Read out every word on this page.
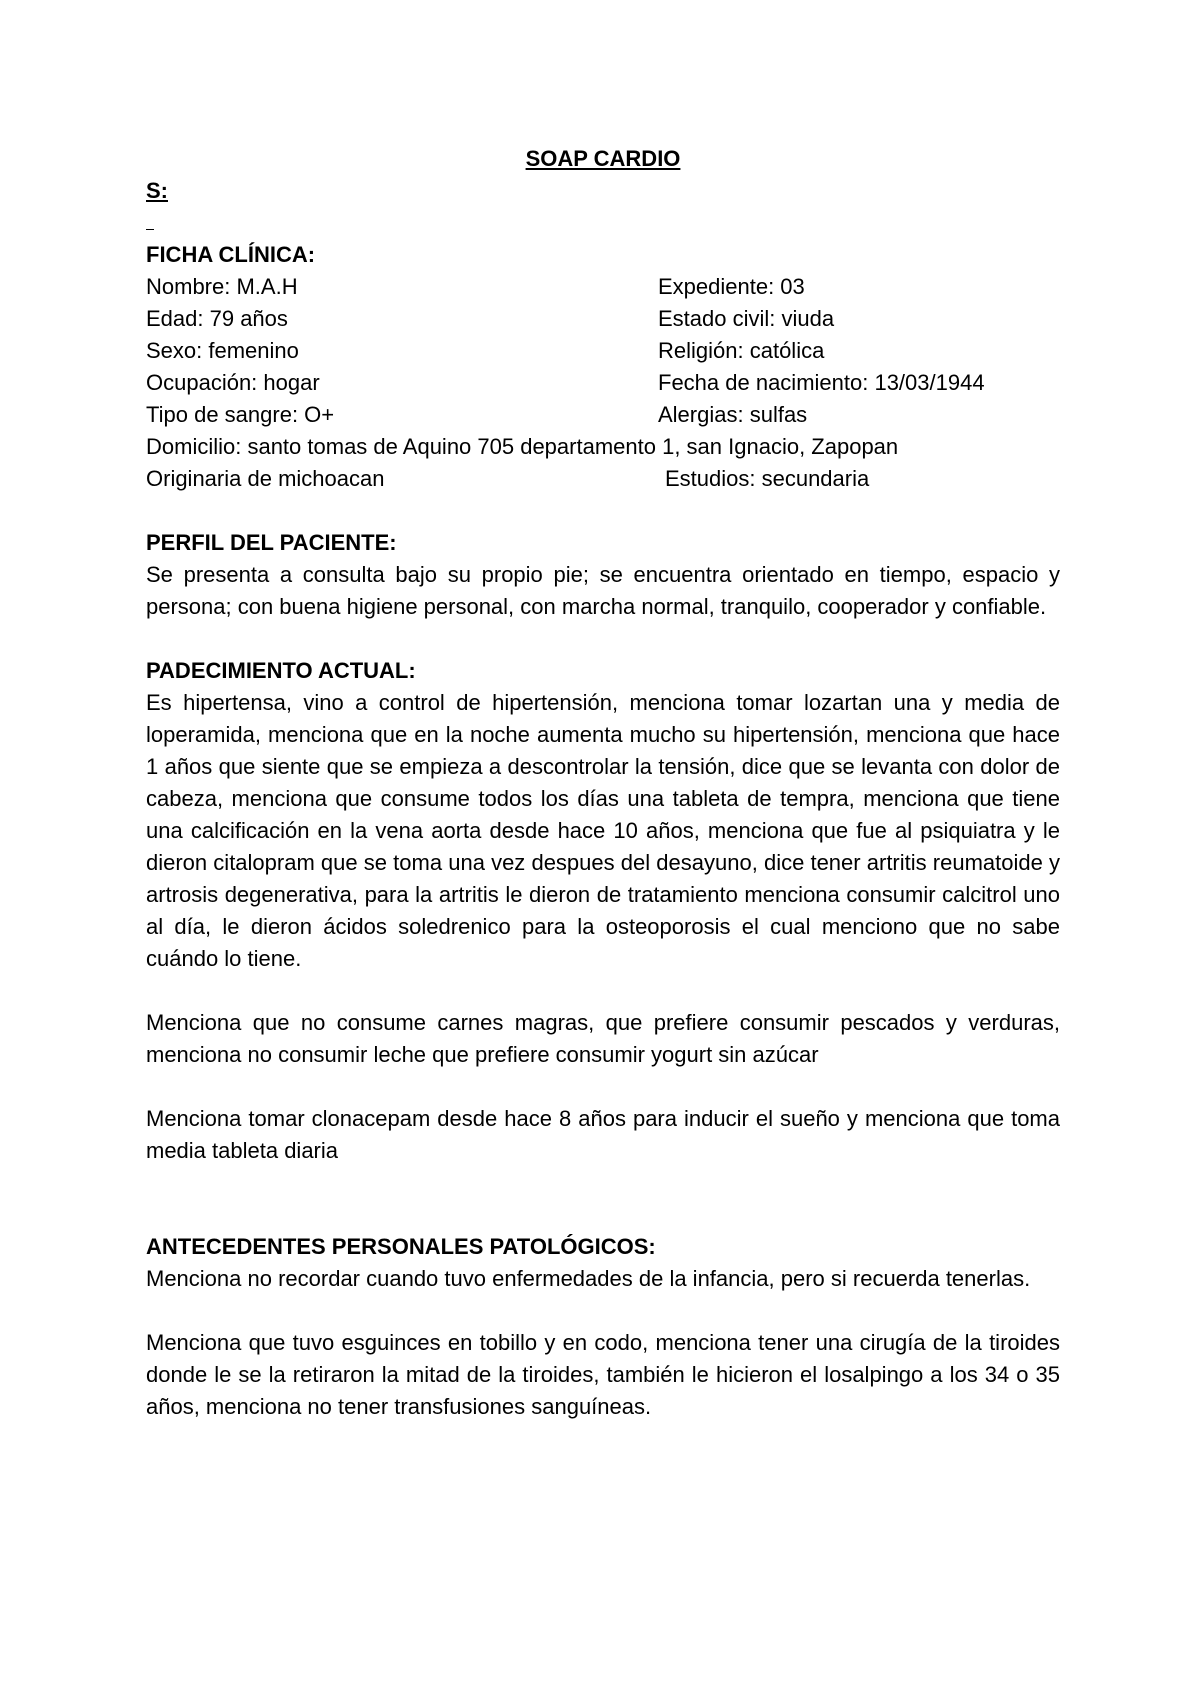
SOAP CARDIO

S:

FICHA CLÍNICA:

Nombre: M.A.H	Expediente: 03
Edad: 79 años	Estado civil: viuda
Sexo: femenino	Religión: católica
Ocupación: hogar	Fecha de nacimiento: 13/03/1944
Tipo de sangre: O+	Alergias: sulfas

Domicilio: santo tomas de Aquino 705 departamento 1, san Ignacio, Zapopan

Originaria de michoacan	Estudios: secundaria

PERFIL DEL PACIENTE:

Se presenta a consulta bajo su propio pie; se encuentra orientado en tiempo, espacio y persona; con buena higiene personal, con marcha normal, tranquilo, cooperador y confiable.

PADECIMIENTO ACTUAL:

Es hipertensa, vino a control de hipertensión, menciona tomar lozartan una y media de loperamida, menciona que en la noche aumenta mucho su hipertensión, menciona que hace 1 años que siente que se empieza a descontrolar la tensión, dice que se levanta con dolor de cabeza, menciona que consume todos los días una tableta de tempra, menciona que tiene una calcificación en la vena aorta desde hace 10 años, menciona que fue al psiquiatra y le dieron citalopram que se toma una vez despues del desayuno, dice tener artritis reumatoide y artrosis degenerativa, para la artritis le dieron de tratamiento menciona consumir calcitrol uno al día, le dieron ácidos soledrenico para la osteoporosis el cual menciono que no sabe cuándo lo tiene.

Menciona que no consume carnes magras, que prefiere consumir pescados y verduras, menciona no consumir leche que prefiere consumir yogurt sin azúcar

Menciona tomar clonacepam desde hace 8 años para inducir el sueño y menciona que toma media tableta diaria

ANTECEDENTES PERSONALES PATOLÓGICOS:

Menciona no recordar cuando tuvo enfermedades de la infancia, pero si recuerda tenerlas.

Menciona que tuvo esguinces en tobillo y en codo, menciona tener una cirugía de la tiroides donde le se la retiraron la mitad de la tiroides, también le hicieron el losalpingo a los 34 o 35 años, menciona no tener transfusiones sanguíneas.
